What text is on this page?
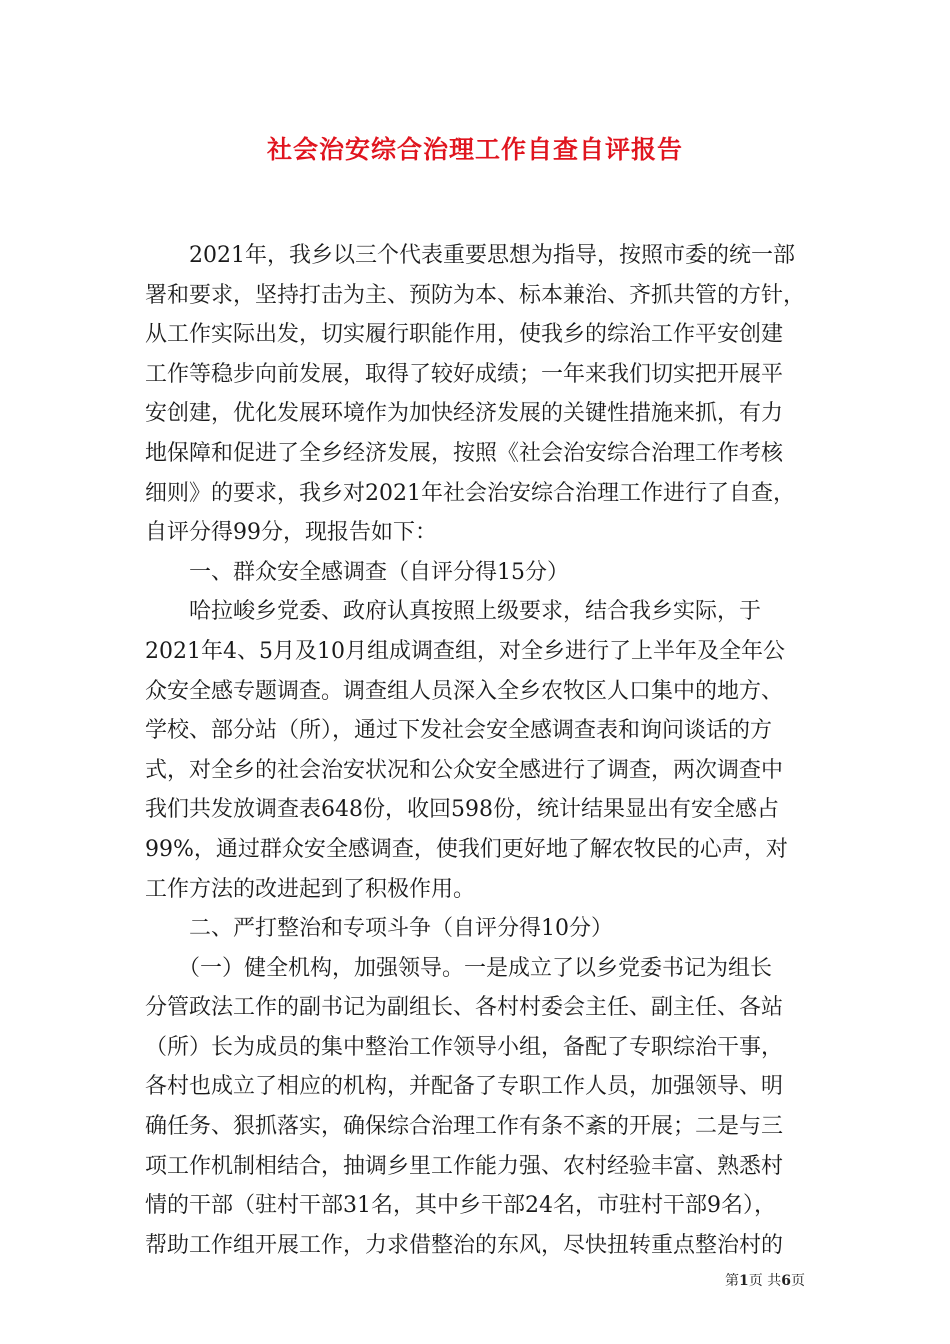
社会治安综合治理工作自查自评报告
　　2021年，我乡以三个代表重要思想为指导，按照市委的统一部
署和要求，坚持打击为主、预防为本、标本兼治、齐抓共管的方针，
从工作实际出发，切实履行职能作用，使我乡的综治工作平安创建
工作等稳步向前发展，取得了较好成绩；一年来我们切实把开展平
安创建，优化发展环境作为加快经济发展的关键性措施来抓，有力
地保障和促进了全乡经济发展，按照《社会治安综合治理工作考核
细则》的要求，我乡对2021年社会治安综合治理工作进行了自查，
自评分得99分，现报告如下：
　　一、群众安全感调查（自评分得15分）
　　哈拉峻乡党委、政府认真按照上级要求，结合我乡实际，于
2021年4、5月及10月组成调查组，对全乡进行了上半年及全年公
众安全感专题调查。调查组人员深入全乡农牧区人口集中的地方、
学校、部分站（所），通过下发社会安全感调查表和询问谈话的方
式，对全乡的社会治安状况和公众安全感进行了调查，两次调查中
我们共发放调查表648份，收回598份，统计结果显出有安全感占
99%，通过群众安全感调查，使我们更好地了解农牧民的心声，对
工作方法的改进起到了积极作用。
　　二、严打整治和专项斗争（自评分得10分）
　　（一）健全机构，加强领导。一是成立了以乡党委书记为组长
分管政法工作的副书记为副组长、各村村委会主任、副主任、各站
（所）长为成员的集中整治工作领导小组，备配了专职综治干事，
各村也成立了相应的机构，并配备了专职工作人员，加强领导、明
确任务、狠抓落实，确保综合治理工作有条不紊的开展；二是与三
项工作机制相结合，抽调乡里工作能力强、农村经验丰富、熟悉村
情的干部（驻村干部31名，其中乡干部24名，市驻村干部9名），
帮助工作组开展工作，力求借整治的东风，尽快扭转重点整治村的
第1页 共6页
